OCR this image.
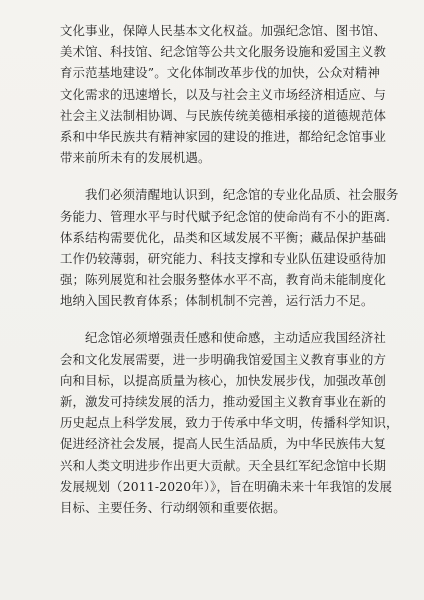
文化事业，保障人民基本文化权益。加强纪念馆、图书馆、
美术馆、科技馆、纪念馆等公共文化服务设施和爱国主义教
育示范基地建设”。文化体制改革步伐的加快，公众对精神
文化需求的迅速增长，以及与社会主义市场经济相适应、与
社会主义法制相协调、与民族传统美德相承接的道德规范体
系和中华民族共有精神家园的建设的推进，都给纪念馆事业
带来前所未有的发展机遇。
我们必须清醒地认识到，纪念馆的专业化品质、社会服务
务能力、管理水平与时代赋予纪念馆的使命尚有不小的距离.
体系结构需要优化，品类和区域发展不平衡；藏品保护基础
工作仍较薄弱，研究能力、科技支撑和专业队伍建设亟待加
强；陈列展览和社会服务整体水平不高，教育尚未能制度化
地纳入国民教育体系；体制机制不完善，运行活力不足。
纪念馆必须增强责任感和使命感，主动适应我国经济社
会和文化发展需要，进一步明确我馆爱国主义教育事业的方
向和目标，以提高质量为核心，加快发展步伐，加强改革创
新，激发可持续发展的活力，推动爱国主义教育事业在新的
历史起点上科学发展，致力于传承中华文明，传播科学知识，
促进经济社会发展，提高人民生活品质，为中华民族伟大复
兴和人类文明进步作出更大贡献。天全县红军纪念馆中长期
发展规划（2011-2020年）》，旨在明确未来十年我馆的发展
目标、主要任务、行动纲领和重要依据。
